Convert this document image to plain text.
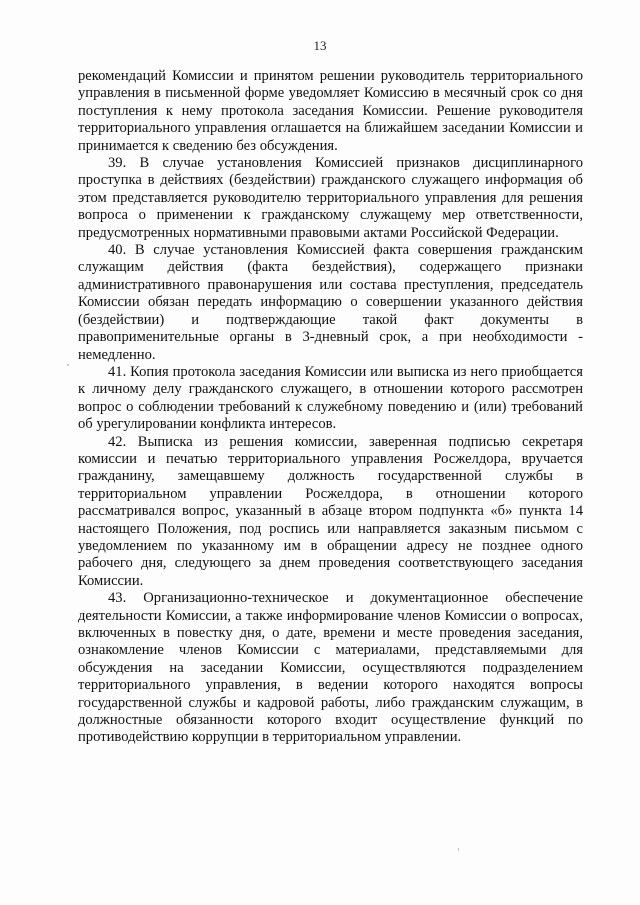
13

рекомендаций Комиссии и принятом решении руководитель территориального управления в письменной форме уведомляет Комиссию в месячный срок со дня поступления к нему протокола заседания Комиссии. Решение руководителя территориального управления оглашается на ближайшем заседании Комиссии и принимается к сведению без обсуждения.

39. В случае установления Комиссией признаков дисциплинарного проступка в действиях (бездействии) гражданского служащего информация об этом представляется руководителю территориального управления для решения вопроса о применении к гражданскому служащему мер ответственности, предусмотренных нормативными правовыми актами Российской Федерации.

40. В случае установления Комиссией факта совершения гражданским служащим действия (факта бездействия), содержащего признаки административного правонарушения или состава преступления, председатель Комиссии обязан передать информацию о совершении указанного действия (бездействии) и подтверждающие такой факт документы в правоприменительные органы в 3-дневный срок, а при необходимости - немедленно.

41. Копия протокола заседания Комиссии или выписка из него приобщается к личному делу гражданского служащего, в отношении которого рассмотрен вопрос о соблюдении требований к служебному поведению и (или) требований об урегулировании конфликта интересов.

42. Выписка из решения комиссии, заверенная подписью секретаря комиссии и печатью территориального управления Росжелдора, вручается гражданину, замещавшему должность государственной службы в территориальном управлении Росжелдора, в отношении которого рассматривался вопрос, указанный в абзаце втором подпункта «б» пункта 14 настоящего Положения, под роспись или направляется заказным письмом с уведомлением по указанному им в обращении адресу не позднее одного рабочего дня, следующего за днем проведения соответствующего заседания Комиссии.

43. Организационно-техническое и документационное обеспечение деятельности Комиссии, а также информирование членов Комиссии о вопросах, включенных в повестку дня, о дате, времени и месте проведения заседания, ознакомление членов Комиссии с материалами, представляемыми для обсуждения на заседании Комиссии, осуществляются подразделением территориального управления, в ведении которого находятся вопросы государственной службы и кадровой работы, либо гражданским служащим, в должностные обязанности которого входит осуществление функций по противодействию коррупции в территориальном управлении.
